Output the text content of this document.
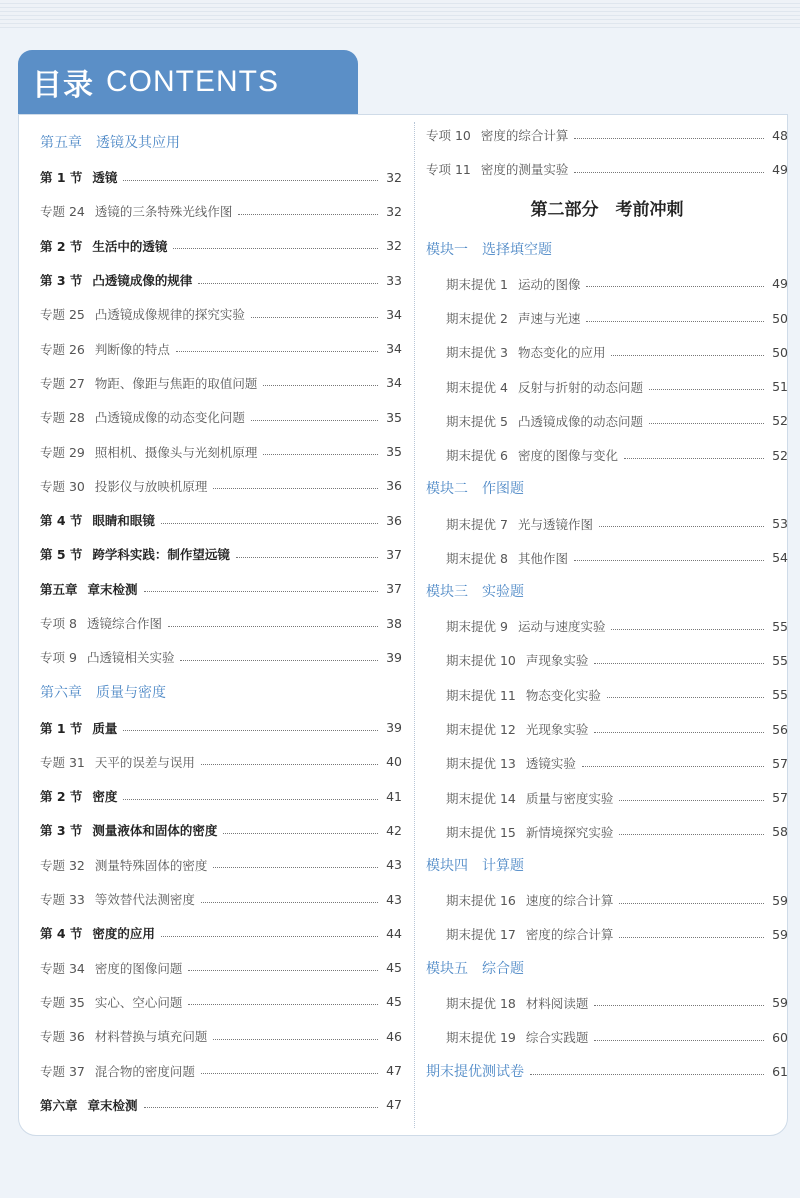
目录 CONTENTS
第五章　透镜及其应用
第 1 节 透镜	32
专题 24 透镜的三条特殊光线作图	32
第 2 节 生活中的透镜	32
第 3 节 凸透镜成像的规律	33
专题 25 凸透镜成像规律的探究实验	34
专题 26 判断像的特点	34
专题 27 物距、像距与焦距的取值问题	34
专题 28 凸透镜成像的动态变化问题	35
专题 29 照相机、摄像头与光刻机原理	35
专题 30 投影仪与放映机原理	36
第 4 节 眼睛和眼镜	36
第 5 节 跨学科实践：制作望远镜	37
第五章 章末检测	37
专项 8 透镜综合作图	38
专项 9 凸透镜相关实验	39
第六章　质量与密度
第 1 节 质量	39
专题 31 天平的误差与误用	40
第 2 节 密度	41
第 3 节 测量液体和固体的密度	42
专题 32 测量特殊固体的密度	43
专题 33 等效替代法测密度	43
第 4 节 密度的应用	44
专题 34 密度的图像问题	45
专题 35 实心、空心问题	45
专题 36 材料替换与填充问题	46
专题 37 混合物的密度问题	47
第六章 章末检测	47
专项 10 密度的综合计算	48
专项 11 密度的测量实验	49
第二部分　考前冲刺
模块一　选择填空题
期末提优 1 运动的图像	49
期末提优 2 声速与光速	50
期末提优 3 物态变化的应用	50
期末提优 4 反射与折射的动态问题	51
期末提优 5 凸透镜成像的动态问题	52
期末提优 6 密度的图像与变化	52
模块二　作图题
期末提优 7 光与透镜作图	53
期末提优 8 其他作图	54
模块三　实验题
期末提优 9 运动与速度实验	55
期末提优 10 声现象实验	55
期末提优 11 物态变化实验	55
期末提优 12 光现象实验	56
期末提优 13 透镜实验	57
期末提优 14 质量与密度实验	57
期末提优 15 新情境探究实验	58
模块四　计算题
期末提优 16 速度的综合计算	59
期末提优 17 密度的综合计算	59
模块五　综合题
期末提优 18 材料阅读题	59
期末提优 19 综合实践题	60
期末提优测试卷	61
